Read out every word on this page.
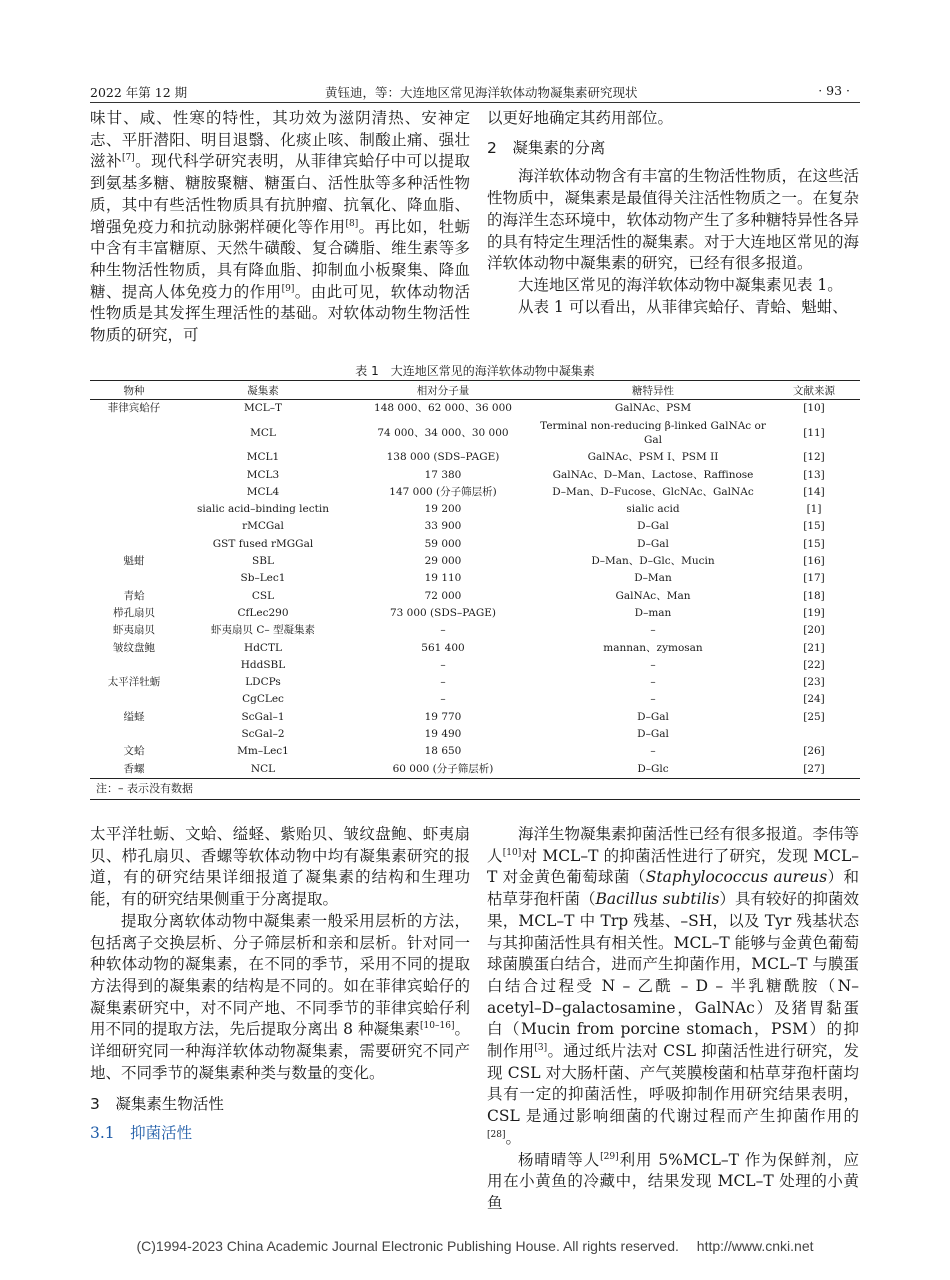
2022 年第 12 期	黄钰迪，等：大连地区常见海洋软体动物凝集素研究现状	· 93 ·

味甘、咸、性寒的特性，其功效为滋阴清热、安神定志、平肝潜阳、明目退翳、化痰止咳、制酸止痛、强壮滋补[7]。现代科学研究表明，从菲律宾蛤仔中可以提取到氨基多糖、糖胺聚糖、糖蛋白、活性肽等多种活性物质，其中有些活性物质具有抗肿瘤、抗氧化、降血脂、增强免疫力和抗动脉粥样硬化等作用[8]。再比如，牡蛎中含有丰富糖原、天然牛磺酸、复合磷脂、维生素等多种生物活性物质，具有降血脂、抑制血小板聚集、降血糖、提高人体免疫力的作用[9]。由此可见，软体动物活性物质是其发挥生理活性的基础。对软体动物生物活性物质的研究，可

以更好地确定其药用部位。

2　凝集素的分离

海洋软体动物含有丰富的生物活性物质，在这些活性物质中，凝集素是最值得关注活性物质之一。在复杂的海洋生态环境中，软体动物产生了多种糖特异性各异的具有特定生理活性的凝集素。对于大连地区常见的海洋软体动物中凝集素的研究，已经有很多报道。

大连地区常见的海洋软体动物中凝集素见表 1。

从表 1 可以看出，从菲律宾蛤仔、青蛤、魁蚶、

表 1　大连地区常见的海洋软体动物中凝集素
物种	凝集素	相对分子量	糖特异性	文献来源
菲律宾蛤仔	MCL–T	148 000、62 000、36 000	GalNAc、PSM	[10]
	MCL	74 000、34 000、30 000	Terminal non-reducing β-linked GalNAc or Gal	[11]
	MCL1	138 000 (SDS–PAGE)	GalNAc、PSM I、PSM II	[12]
	MCL3	17 380	GalNAc、D–Man、Lactose、Raffinose	[13]
	MCL4	147 000 (分子筛层析)	D–Man、D–Fucose、GlcNAc、GalNAc	[14]
	sialic acid–binding lectin	19 200	sialic acid	[1]
	rMCGal	33 900	D–Gal	[15]
	GST fused rMGGal	59 000	D–Gal	[15]
魁蚶	SBL	29 000	D–Man、D–Glc、Mucin	[16]
	Sb–Lec1	19 110	D–Man	[17]
青蛤	CSL	72 000	GalNAc、Man	[18]
栉孔扇贝	CfLec290	73 000 (SDS–PAGE)	D–man	[19]
虾夷扇贝	虾夷扇贝 C– 型凝集素	–	–	[20]
皱纹盘鲍	HdCTL	561 400	mannan、zymosan	[21]
	HddSBL	–	–	[22]
太平洋牡蛎	LDCPs	–	–	[23]
	CgCLec	–	–	[24]
缢蛏	ScGal–1	19 770	D–Gal	[25]
	ScGal–2	19 490	D–Gal	
文蛤	Mm–Lec1	18 650	–	[26]
香螺	NCL	60 000 (分子筛层析)	D–Glc	[27]
注：– 表示没有数据

太平洋牡蛎、文蛤、缢蛏、紫贻贝、皱纹盘鲍、虾夷扇贝、栉孔扇贝、香螺等软体动物中均有凝集素研究的报道，有的研究结果详细报道了凝集素的结构和生理功能，有的研究结果侧重于分离提取。

提取分离软体动物中凝集素一般采用层析的方法，包括离子交换层析、分子筛层析和亲和层析。针对同一种软体动物的凝集素，在不同的季节，采用不同的提取方法得到的凝集素的结构是不同的。如在菲律宾蛤仔的凝集素研究中，对不同产地、不同季节的菲律宾蛤仔利用不同的提取方法，先后提取分离出 8 种凝集素[10–16]。详细研究同一种海洋软体动物凝集素，需要研究不同产地、不同季节的凝集素种类与数量的变化。

3　凝集素生物活性

3.1　抑菌活性

海洋生物凝集素抑菌活性已经有很多报道。李伟等人[10]对 MCL–T 的抑菌活性进行了研究，发现 MCL–T 对金黄色葡萄球菌（Staphylococcus aureus）和枯草芽孢杆菌（Bacillus subtilis）具有较好的抑菌效果，MCL–T 中 Trp 残基、–SH，以及 Tyr 残基状态与其抑菌活性具有相关性。MCL–T 能够与金黄色葡萄球菌膜蛋白结合，进而产生抑菌作用，MCL–T 与膜蛋白结合过程受 N – 乙酰 – D – 半乳糖酰胺（N–acetyl–D–galactosamine，GalNAc）及猪胃黏蛋白（Mucin from porcine stomach，PSM）的抑制作用[3]。通过纸片法对 CSL 抑菌活性进行研究，发现 CSL 对大肠杆菌、产气荚膜梭菌和枯草芽孢杆菌均具有一定的抑菌活性，呼吸抑制作用研究结果表明，CSL 是通过影响细菌的代谢过程而产生抑菌作用的[28]。

杨晴晴等人[29]利用 5%MCL–T 作为保鲜剂，应用在小黄鱼的冷藏中，结果发现 MCL–T 处理的小黄鱼

(C)1994-2023 China Academic Journal Electronic Publishing House. All rights reserved.　 http://www.cnki.net
